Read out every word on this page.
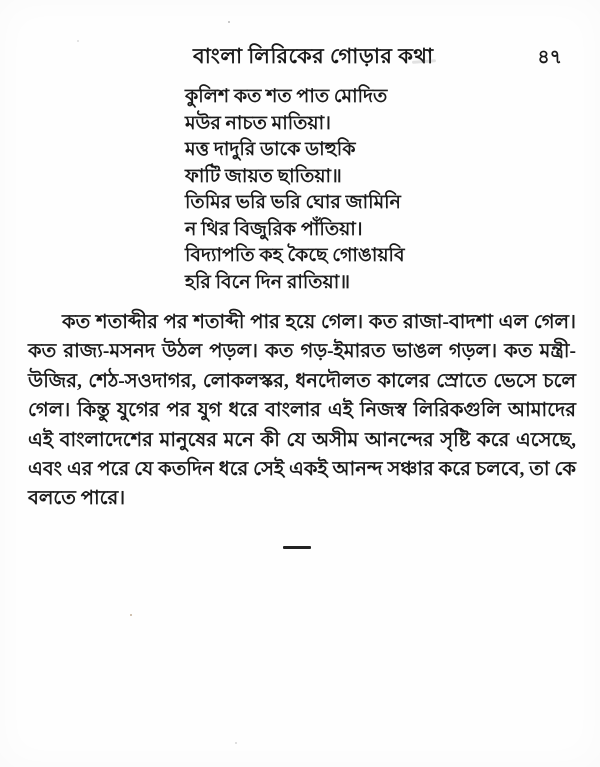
বাংলা লিরিকের গোড়ার কথা	৪৭
কুলিশ কত শত পাত মোদিত
মউর নাচত মাতিয়া।
মত্ত দাদুরি ডাকে ডাহুকি
ফাটি জায়ত ছাতিয়া॥
তিমির ভরি ভরি ঘোর জামিনি
ন থির বিজুরিক পাঁতিয়া।
বিদ্যাপতি কহ কৈছে গোঙায়বি
হরি বিনে দিন রাতিয়া॥
কত শতাব্দীর পর শতাব্দী পার হয়ে গেল। কত রাজা-বাদশা এল গেল। কত রাজ্য-মসনদ উঠল পড়ল। কত গড়-ইমারত ভাঙল গড়ল। কত মন্ত্রী-উজির, শেঠ-সওদাগর, লোকলস্কর, ধনদৌলত কালের স্রোতে ভেসে চলে গেল। কিন্তু যুগের পর যুগ ধরে বাংলার এই নিজস্ব লিরিকগুলি আমাদের এই বাংলাদেশের মানুষের মনে কী যে অসীম আনন্দের সৃষ্টি করে এসেছে, এবং এর পরে যে কতদিন ধরে সেই একই আনন্দ সঞ্চার করে চলবে, তা কে বলতে পারে।
